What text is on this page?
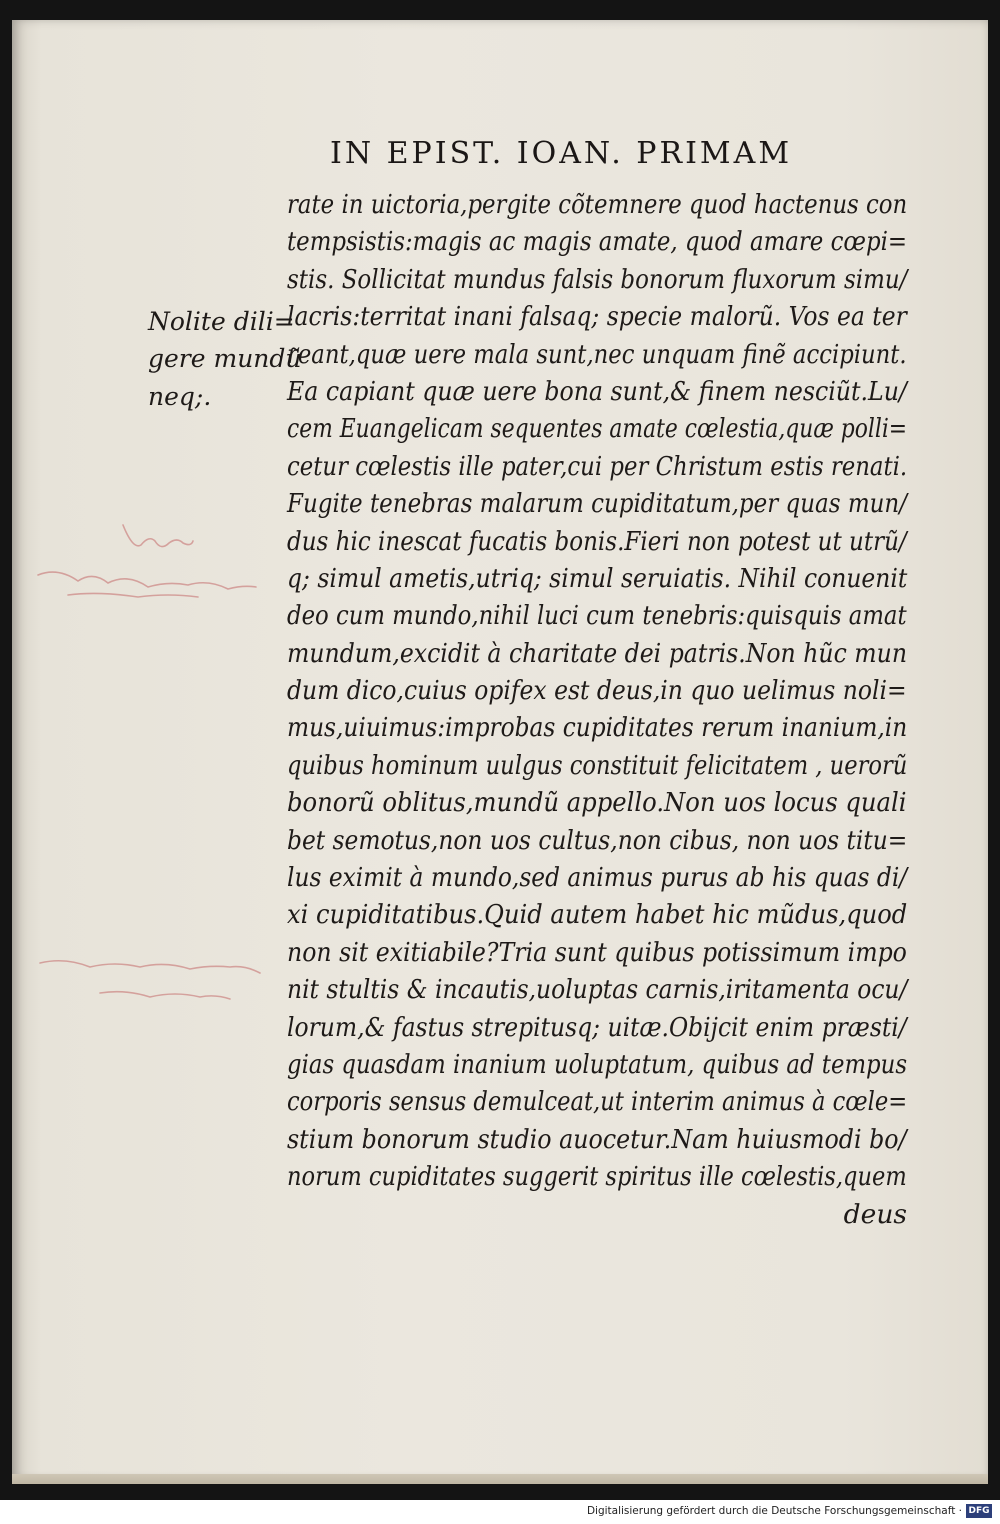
IN EPIST. IOAN. PRIMAM
Nolite dili=
gere mundũ
neq;.
rate in uictoria,pergite cõtemnere quod hactenus con
tempsistis:magis ac magis amate, quod amare cœpi=
stis. Sollicitat mundus falsis bonorum fluxorum simu/
lacris:territat inani falsaq; specie malorũ. Vos ea ter
reant,quæ uere mala sunt,nec unquam finẽ accipiunt.
Ea capiant quæ uere bona sunt,& finem nesciũt.Lu/
cem Euangelicam sequentes amate cœlestia,quæ polli=
cetur cœlestis ille pater,cui per Christum estis renati.
Fugite tenebras malarum cupiditatum,per quas mun/
dus hic inescat fucatis bonis.Fieri non potest ut utrũ/
q; simul ametis,utriq; simul seruiatis. Nihil conuenit
deo cum mundo,nihil luci cum tenebris:quisquis amat
mundum,excidit à charitate dei patris.Non hũc mun
dum dico,cuius opifex est deus,in quo uelimus noli=
mus,uiuimus:improbas cupiditates rerum inanium,in
quibus hominum uulgus constituit felicitatem , uerorũ
bonorũ oblitus,mundũ appello.Non uos locus quali
bet semotus,non uos cultus,non cibus, non uos titu=
lus eximit à mundo,sed animus purus ab his quas di/
xi cupiditatibus.Quid autem habet hic mũdus,quod
non sit exitiabile?Tria sunt quibus potissimum impo
nit stultis & incautis,uoluptas carnis,iritamenta ocu/
lorum,& fastus strepitusq; uitæ.Obijcit enim præsti/
gias quasdam inanium uoluptatum, quibus ad tempus
corporis sensus demulceat,ut interim animus à cœle=
stium bonorum studio auocetur.Nam huiusmodi bo/
norum cupiditates suggerit spiritus ille cœlestis,quem
deus
Digitalisierung gefördert durch die Deutsche Forschungsgemeinschaft · DFG
